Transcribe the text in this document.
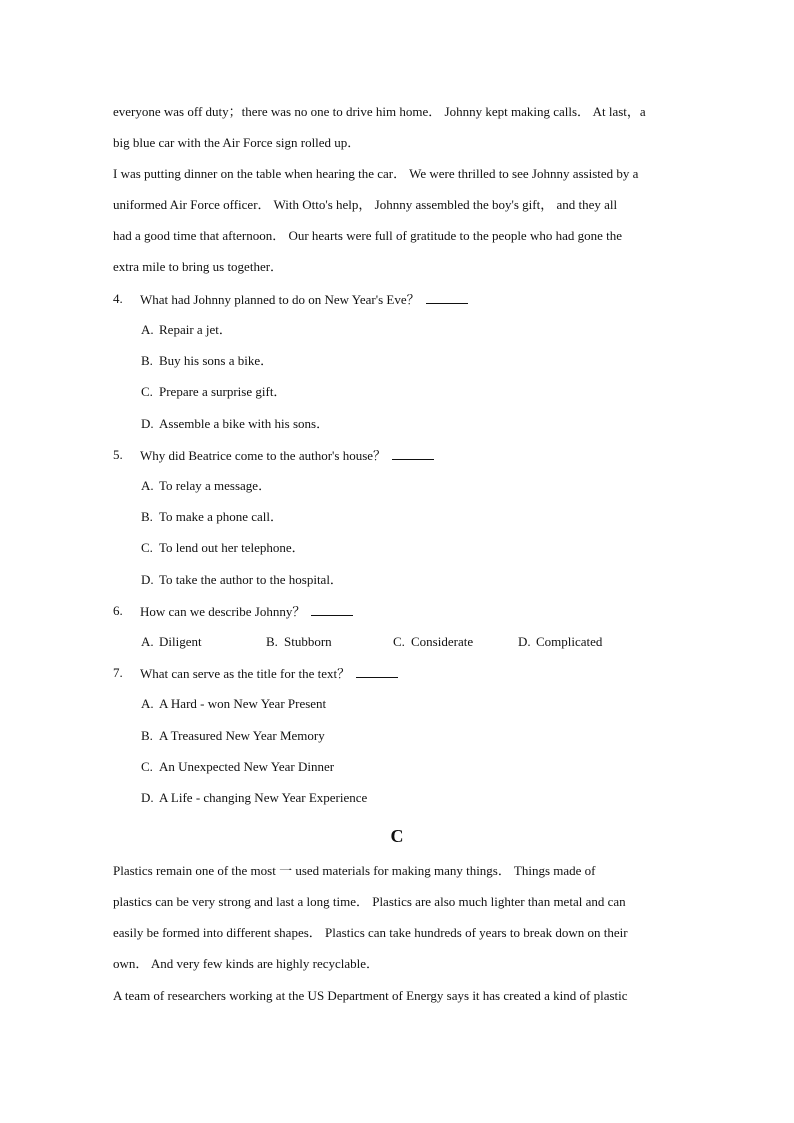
everyone was off duty；there was no one to drive him home． Johnny kept making calls． At last，a
big blue car with the Air Force sign rolled up．
I was putting dinner on the table when hearing the car． We were thrilled to see Johnny assisted by a
uniformed Air Force officer． With Otto's help， Johnny assembled the boy's gift， and they all
had a good time that afternoon． Our hearts were full of gratitude to the people who had gone the
extra mile to bring us together．
4. What had Johnny planned to do on New Year's Eve？
A. Repair a jet．
B. Buy his sons a bike．
C. Prepare a surprise gift．
D. Assemble a bike with his sons．
5. Why did Beatrice come to the author's house？
A. To relay a message．
B. To make a phone call．
C. To lend out her telephone．
D. To take the author to the hospital．
6. How can we describe Johnny？
A. Diligent	B. Stubborn	C. Considerate	D. Complicated
7. What can serve as the title for the text？
A. A Hard - won New Year Present
B. A Treasured New Year Memory
C. An Unexpected New Year Dinner
D. A Life - changing New Year Experience
C
Plastics remain one of the most 一 used materials for making many things． Things made of
plastics can be very strong and last a long time． Plastics are also much lighter than metal and can
easily be formed into different shapes． Plastics can take hundreds of years to break down on their
own． And very few kinds are highly recyclable．
A team of researchers working at the US Department of Energy says it has created a kind of plastic
